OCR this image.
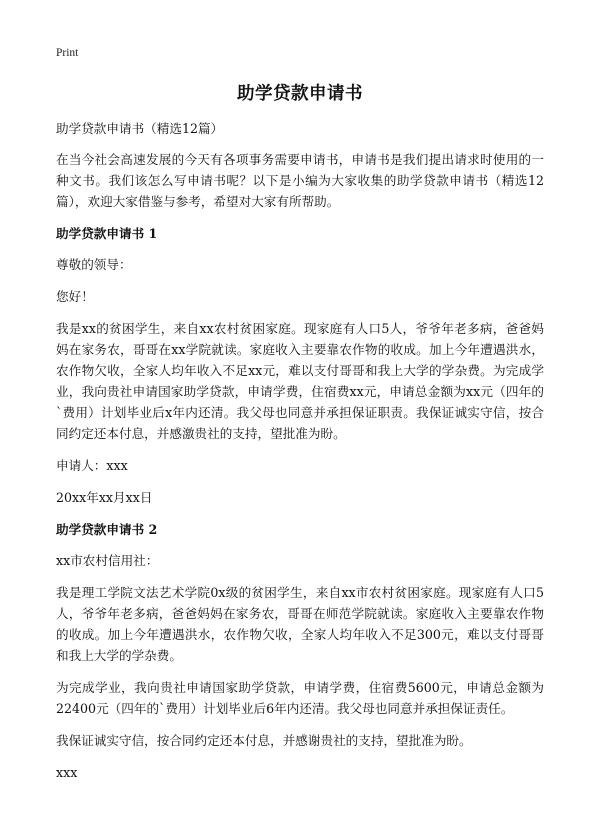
Print
助学贷款申请书

助学贷款申请书（精选12篇）

在当今社会高速发展的今天有各项事务需要申请书，申请书是我们提出请求时使用的一种文书。我们该怎么写申请书呢？以下是小编为大家收集的助学贷款申请书（精选12篇），欢迎大家借鉴与参考，希望对大家有所帮助。

助学贷款申请书 1

尊敬的领导：

您好！

我是xx的贫困学生，来自xx农村贫困家庭。现家庭有人口5人，爷爷年老多病，爸爸妈妈在家务农，哥哥在xx学院就读。家庭收入主要靠农作物的收成。加上今年遭遇洪水，农作物欠收，全家人均年收入不足xx元，难以支付哥哥和我上大学的学杂费。为完成学业，我向贵社申请国家助学贷款，申请学费，住宿费xx元，申请总金额为xx元（四年的`费用）计划毕业后x年内还清。我父母也同意并承担保证职责。我保证诚实守信，按合同约定还本付息，并感激贵社的支持，望批准为盼。

申请人：xxx

20xx年xx月xx日

助学贷款申请书 2

xx市农村信用社：

我是理工学院文法艺术学院0x级的贫困学生，来自xx市农村贫困家庭。现家庭有人口5人，爷爷年老多病，爸爸妈妈在家务农，哥哥在师范学院就读。家庭收入主要靠农作物的收成。加上今年遭遇洪水，农作物欠收，全家人均年收入不足300元，难以支付哥哥和我上大学的学杂费。

为完成学业，我向贵社申请国家助学贷款，申请学费，住宿费5600元，申请总金额为22400元（四年的`费用）计划毕业后6年内还清。我父母也同意并承担保证责任。

我保证诚实守信，按合同约定还本付息，并感谢贵社的支持，望批准为盼。

xxx
